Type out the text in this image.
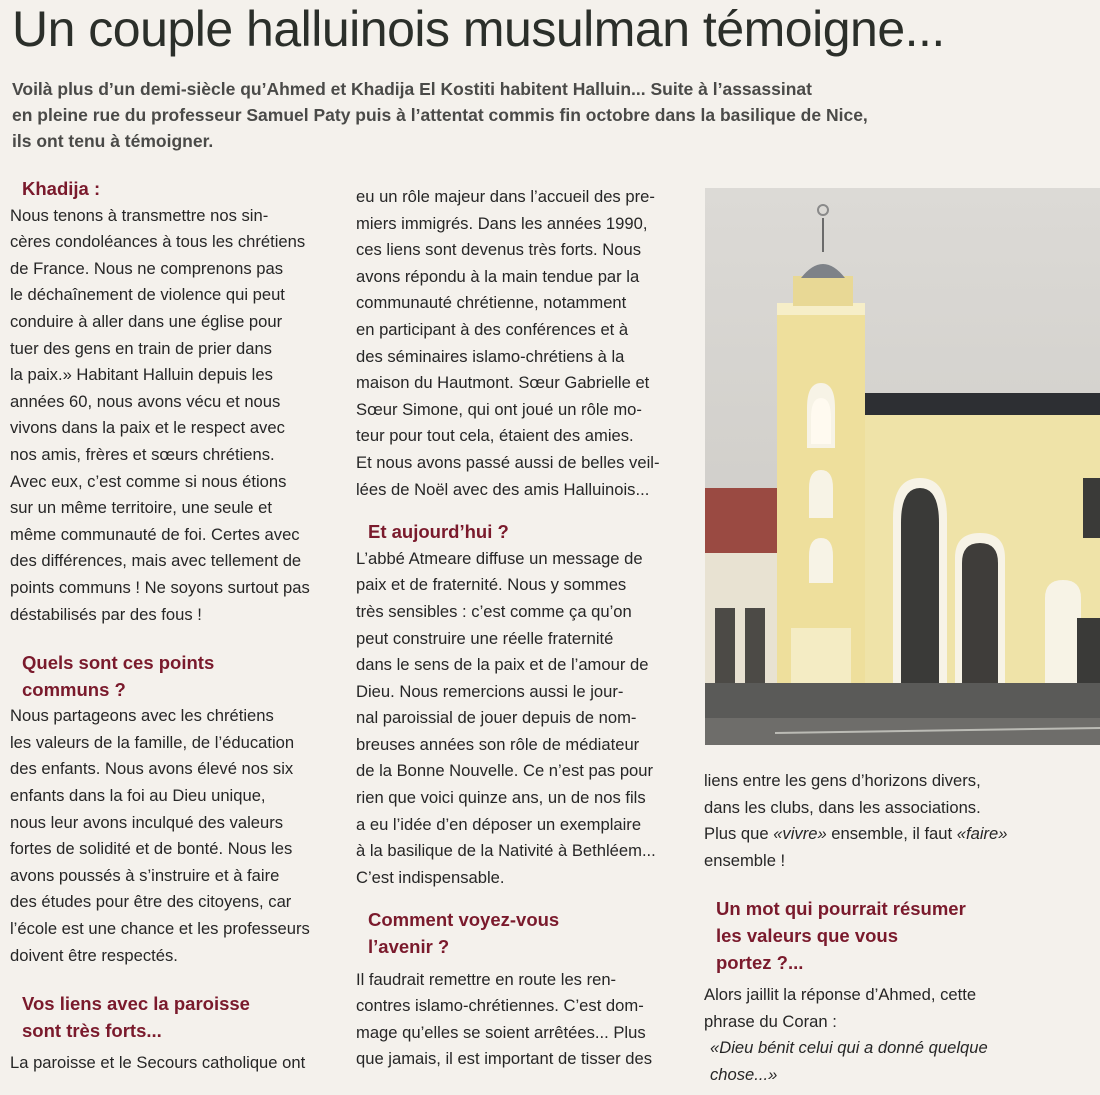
Un couple halluinois musulman témoigne...

Voilà plus d’un demi-siècle qu’Ahmed et Khadija El Kostiti habitent Halluin... Suite à l’assassinat

en pleine rue du professeur Samuel Paty puis à l’attentat commis fin octobre dans la basilique de Nice,

ils ont tenu à témoigner.

Khadija :

Nous tenons à transmettre nos sin-

cères condoléances à tous les chrétiens

de France. Nous ne comprenons pas

le déchaînement de violence qui peut

conduire à aller dans une église pour

tuer des gens en train de prier dans

la paix.» Habitant Halluin depuis les

années 60, nous avons vécu et nous

vivons dans la paix et le respect avec

nos amis, frères et sœurs chrétiens.

Avec eux, c’est comme si nous étions

sur un même territoire, une seule et

même communauté de foi. Certes avec

des différences, mais avec tellement de

points communs ! Ne soyons surtout pas

déstabilisés par des fous !

Quels sont ces points

communs ?

Nous partageons avec les chrétiens

les valeurs de la famille, de l’éducation

des enfants. Nous avons élevé nos six

enfants dans la foi au Dieu unique,

nous leur avons inculqué des valeurs

fortes de solidité et de bonté. Nous les

avons poussés à s’instruire et à faire

des études pour être des citoyens, car

l’école est une chance et les professeurs

doivent être respectés.

Vos liens avec la paroisse

sont très forts...

La paroisse et le Secours catholique ont

eu un rôle majeur dans l’accueil des pre-

miers immigrés. Dans les années 1990,

ces liens sont devenus très forts. Nous

avons répondu à la main tendue par la

communauté chrétienne, notamment

en participant à des conférences et à

des séminaires islamo-chrétiens à la

maison du Hautmont. Sœur Gabrielle et

Sœur Simone, qui ont joué un rôle mo-

teur pour tout cela, étaient des amies.

Et nous avons passé aussi de belles veil-

lées de Noël avec des amis Halluinois...

Et aujourd’hui ?

L’abbé Atmeare diffuse un message de

paix et de fraternité. Nous y sommes

très sensibles : c’est comme ça qu’on

peut construire une réelle fraternité

dans le sens de la paix et de l’amour de

Dieu. Nous remercions aussi le jour-

nal paroissial de jouer depuis de nom-

breuses années son rôle de médiateur

de la Bonne Nouvelle. Ce n’est pas pour

rien que voici quinze ans, un de nos fils

a eu l’idée d’en déposer un exemplaire

à la basilique de la Nativité à Bethléem...

C’est indispensable.

Comment voyez-vous

l’avenir ?

Il faudrait remettre en route les ren-

contres islamo-chrétiennes. C’est dom-

mage qu’elles se soient arrêtées... Plus

que jamais, il est important de tisser des

liens entre les gens d’horizons divers,

dans les clubs, dans les associations.

Plus que «vivre» ensemble, il faut «faire»

ensemble !

Un mot qui pourrait résumer

les valeurs que vous

portez ?...

Alors jaillit la réponse d’Ahmed, cette

phrase du Coran :

«Dieu bénit celui qui a donné quelque

chose...»
